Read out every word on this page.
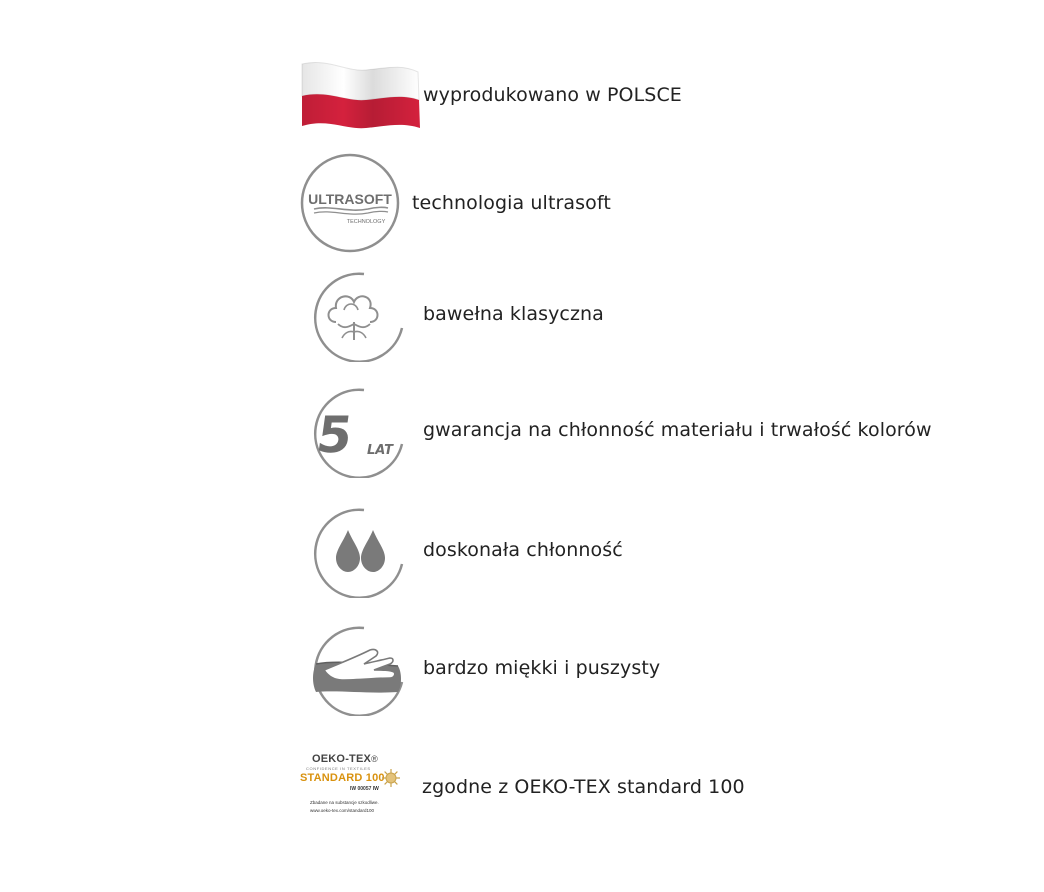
wyprodukowano w POLSCE
ULTRASOFT
TECHNOLOGY
technologia ultrasoft
bawełna klasyczna
5 LAT
gwarancja na chłonność materiału i trwałość kolorów
doskonała chłonność
bardzo miękki i puszysty
OEKO-TEX®
CONFIDENCE IN TEXTILES
STANDARD 100
IW 00057 IW
Zbadane na substancje szkodliwe.
www.oeko-tex.com/standard100
zgodne z OEKO-TEX standard 100
